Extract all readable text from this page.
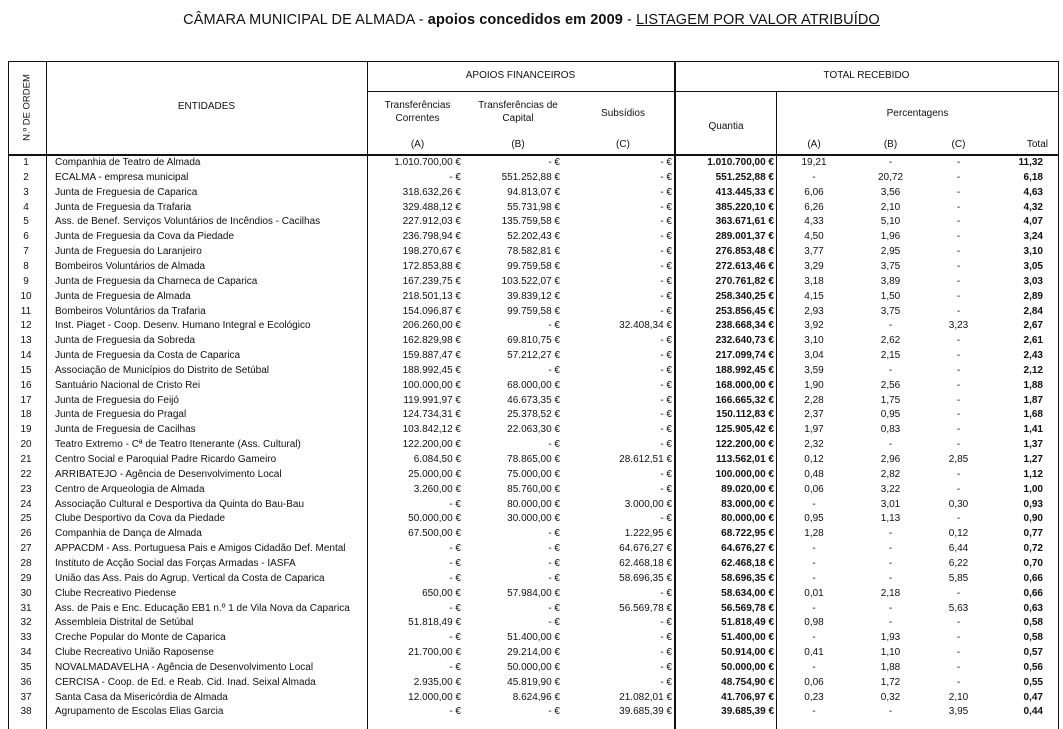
CÂMARA MUNICIPAL DE ALMADA - apoios concedidos em 2009 - LISTAGEM POR VALOR ATRIBUÍDO
N.º DE ORDEM	ENTIDADES
APOIOS FINANCEIROS	TOTAL RECEBIDO
Transferências
Correntes
Transferências de
Capital	Subsídios
Quantia
Percentagens
(A)	(B)	(C)	(A)	(B)	(C)	Total
1	Companhia de Teatro de Almada	1.010.700,00 €	- €	- €	1.010.700,00 €	19,21	-	-	11,32
2	ECALMA - empresa municipal	- €	551.252,88 €	- €	551.252,88 €	-	20,72	-	6,18
3	Junta de Freguesia de Caparica	318.632,26 €	94.813,07 €	- €	413.445,33 €	6,06	3,56	-	4,63
4	Junta de Freguesia da Trafaria	329.488,12 €	55.731,98 €	- €	385.220,10 €	6,26	2,10	-	4,32
5	Ass. de Benef. Serviços Voluntários de Incêndios - Cacilhas	227.912,03 €	135.759,58 €	- €	363.671,61 €	4,33	5,10	-	4,07
6	Junta de Freguesia da Cova da Piedade	236.798,94 €	52.202,43 €	- €	289.001,37 €	4,50	1,96	-	3,24
7	Junta de Freguesia do Laranjeiro	198.270,67 €	78.582,81 €	- €	276.853,48 €	3,77	2,95	-	3,10
8	Bombeiros Voluntários de Almada	172.853,88 €	99.759,58 €	- €	272.613,46 €	3,29	3,75	-	3,05
9	Junta de Freguesia da Charneca de Caparica	167.239,75 €	103.522,07 €	- €	270.761,82 €	3,18	3,89	-	3,03
10	Junta de Freguesia de Almada	218.501,13 €	39.839,12 €	- €	258.340,25 €	4,15	1,50	-	2,89
11	Bombeiros Voluntários da Trafaria	154.096,87 €	99.759,58 €	- €	253.856,45 €	2,93	3,75	-	2,84
12	Inst. Piaget - Coop. Desenv. Humano Integral e Ecológico	206.260,00 €	- €	32.408,34 €	238.668,34 €	3,92	-	3,23	2,67
13	Junta de Freguesia da Sobreda	162.829,98 €	69.810,75 €	- €	232.640,73 €	3,10	2,62	-	2,61
14	Junta de Freguesia da Costa de Caparica	159.887,47 €	57.212,27 €	- €	217.099,74 €	3,04	2,15	-	2,43
15	Associação de Municípios do Distrito de Setúbal	188.992,45 €	- €	- €	188.992,45 €	3,59	-	-	2,12
16	Santuário Nacional de Cristo Rei	100.000,00 €	68.000,00 €	- €	168.000,00 €	1,90	2,56	-	1,88
17	Junta de Freguesia do Feijó	119.991,97 €	46.673,35 €	- €	166.665,32 €	2,28	1,75	-	1,87
18	Junta de Freguesia do Pragal	124.734,31 €	25.378,52 €	- €	150.112,83 €	2,37	0,95	-	1,68
19	Junta de Freguesia de Cacilhas	103.842,12 €	22.063,30 €	- €	125.905,42 €	1,97	0,83	-	1,41
20	Teatro Extremo - Cª de Teatro Itenerante (Ass. Cultural)	122.200,00 €	- €	- €	122.200,00 €	2,32	-	-	1,37
21	Centro Social e Paroquial Padre Ricardo Gameiro	6.084,50 €	78.865,00 €	28.612,51 €	113.562,01 €	0,12	2,96	2,85	1,27
22	ARRIBATEJO - Agência de Desenvolvimento Local	25.000,00 €	75.000,00 €	- €	100.000,00 €	0,48	2,82	-	1,12
23	Centro de Arqueologia de Almada	3.260,00 €	85.760,00 €	- €	89.020,00 €	0,06	3,22	-	1,00
24	Associação Cultural e Desportiva da Quinta do Bau-Bau	- €	80.000,00 €	3.000,00 €	83.000,00 €	-	3,01	0,30	0,93
25	Clube Desportivo da Cova da Piedade	50.000,00 €	30.000,00 €	- €	80.000,00 €	0,95	1,13	-	0,90
26	Companhia de Dança de Almada	67.500,00 €	- €	1.222,95 €	68.722,95 €	1,28	-	0,12	0,77
27	APPACDM - Ass. Portuguesa Pais e Amigos Cidadão Def. Mental	- €	- €	64.676,27 €	64.676,27 €	-	-	6,44	0,72
28	Instituto de Acção Social das Forças Armadas - IASFA	- €	- €	62.468,18 €	62.468,18 €	-	-	6,22	0,70
29	União das Ass. Pais do Agrup. Vertical da Costa de Caparica	- €	- €	58.696,35 €	58.696,35 €	-	-	5,85	0,66
30	Clube Recreativo Piedense	650,00 €	57.984,00 €	- €	58.634,00 €	0,01	2,18	-	0,66
31	Ass. de Pais e Enc. Educação EB1 n.º 1 de Vila Nova da Caparica	- €	- €	56.569,78 €	56.569,78 €	-	-	5,63	0,63
32	Assembleia Distrital de Setúbal	51.818,49 €	- €	- €	51.818,49 €	0,98	-	-	0,58
33	Creche Popular do Monte de Caparica	- €	51.400,00 €	- €	51.400,00 €	-	1,93	-	0,58
34	Clube Recreativo União Raposense	21.700,00 €	29.214,00 €	- €	50.914,00 €	0,41	1,10	-	0,57
35	NOVALMADAVELHA - Agência de Desenvolvimento Local	- €	50.000,00 €	- €	50.000,00 €	-	1,88	-	0,56
36	CERCISA - Coop. de Ed. e Reab. Cid. Inad. Seixal Almada	2.935,00 €	45.819,90 €	- €	48.754,90 €	0,06	1,72	-	0,55
37	Santa Casa da Misericórdia de Almada	12.000,00 €	8.624,96 €	21.082,01 €	41.706,97 €	0,23	0,32	2,10	0,47
38	Agrupamento de Escolas Elias Garcia	- €	- €	39.685,39 €	39.685,39 €	-	-	3,95	0,44
